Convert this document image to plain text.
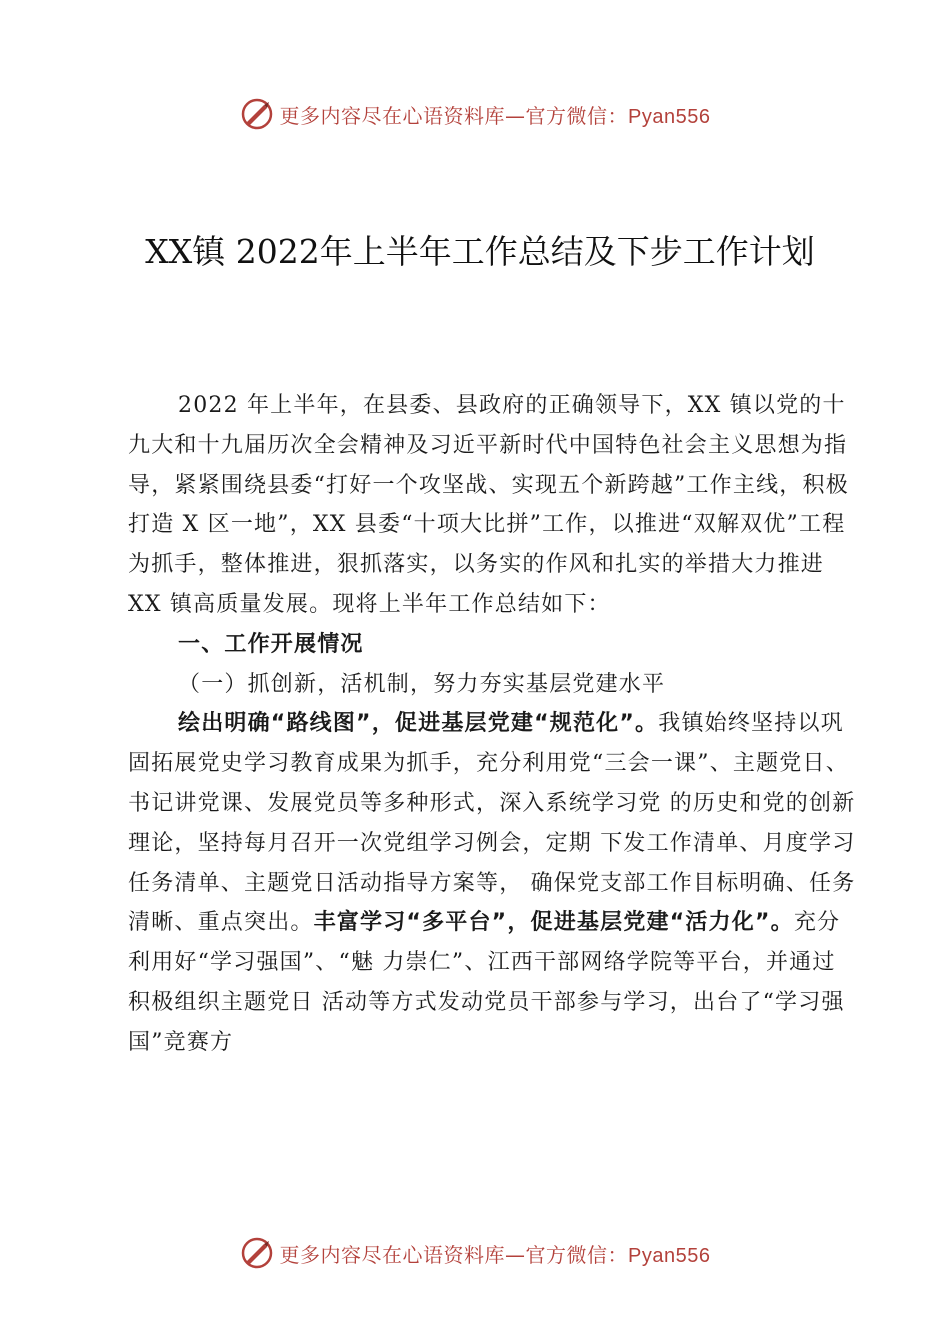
更多内容尽在心语资料库—官方微信：Pyan556
XX镇 2022年上半年工作总结及下步工作计划

2022 年上半年，在县委、县政府的正确领导下，XX 镇以党的十九大和十九届历次全会精神及习近平新时代中国特色社会主义思想为指导，紧紧围绕县委“打好一个攻坚战、实现五个新跨越”工作主线，积极打造 X 区一地”，XX 县委“十项大比拼”工作，以推进“双解双优”工程为抓手，整体推进，狠抓落实，以务实的作风和扎实的举措大力推进 XX 镇高质量发展。现将上半年工作总结如下：

一、工作开展情况

（一）抓创新，活机制，努力夯实基层党建水平

绘出明确“路线图”，促进基层党建“规范化”。我镇始终坚持以巩固拓展党史学习教育成果为抓手，充分利用党“三会一课”、主题党日、书记讲党课、发展党员等多种形式，深入系统学习党 的历史和党的创新理论，坚持每月召开一次党组学习例会，定期 下发工作清单、月度学习任务清单、主题党日活动指导方案等， 确保党支部工作目标明确、任务清晰、重点突出。丰富学习“多平台”，促进基层党建“活力化”。充分利用好“学习强国”、“魅 力崇仁”、江西干部网络学院等平台，并通过积极组织主题党日 活动等方式发动党员干部参与学习，出台了“学习强国”竞赛方

更多内容尽在心语资料库—官方微信：Pyan556
